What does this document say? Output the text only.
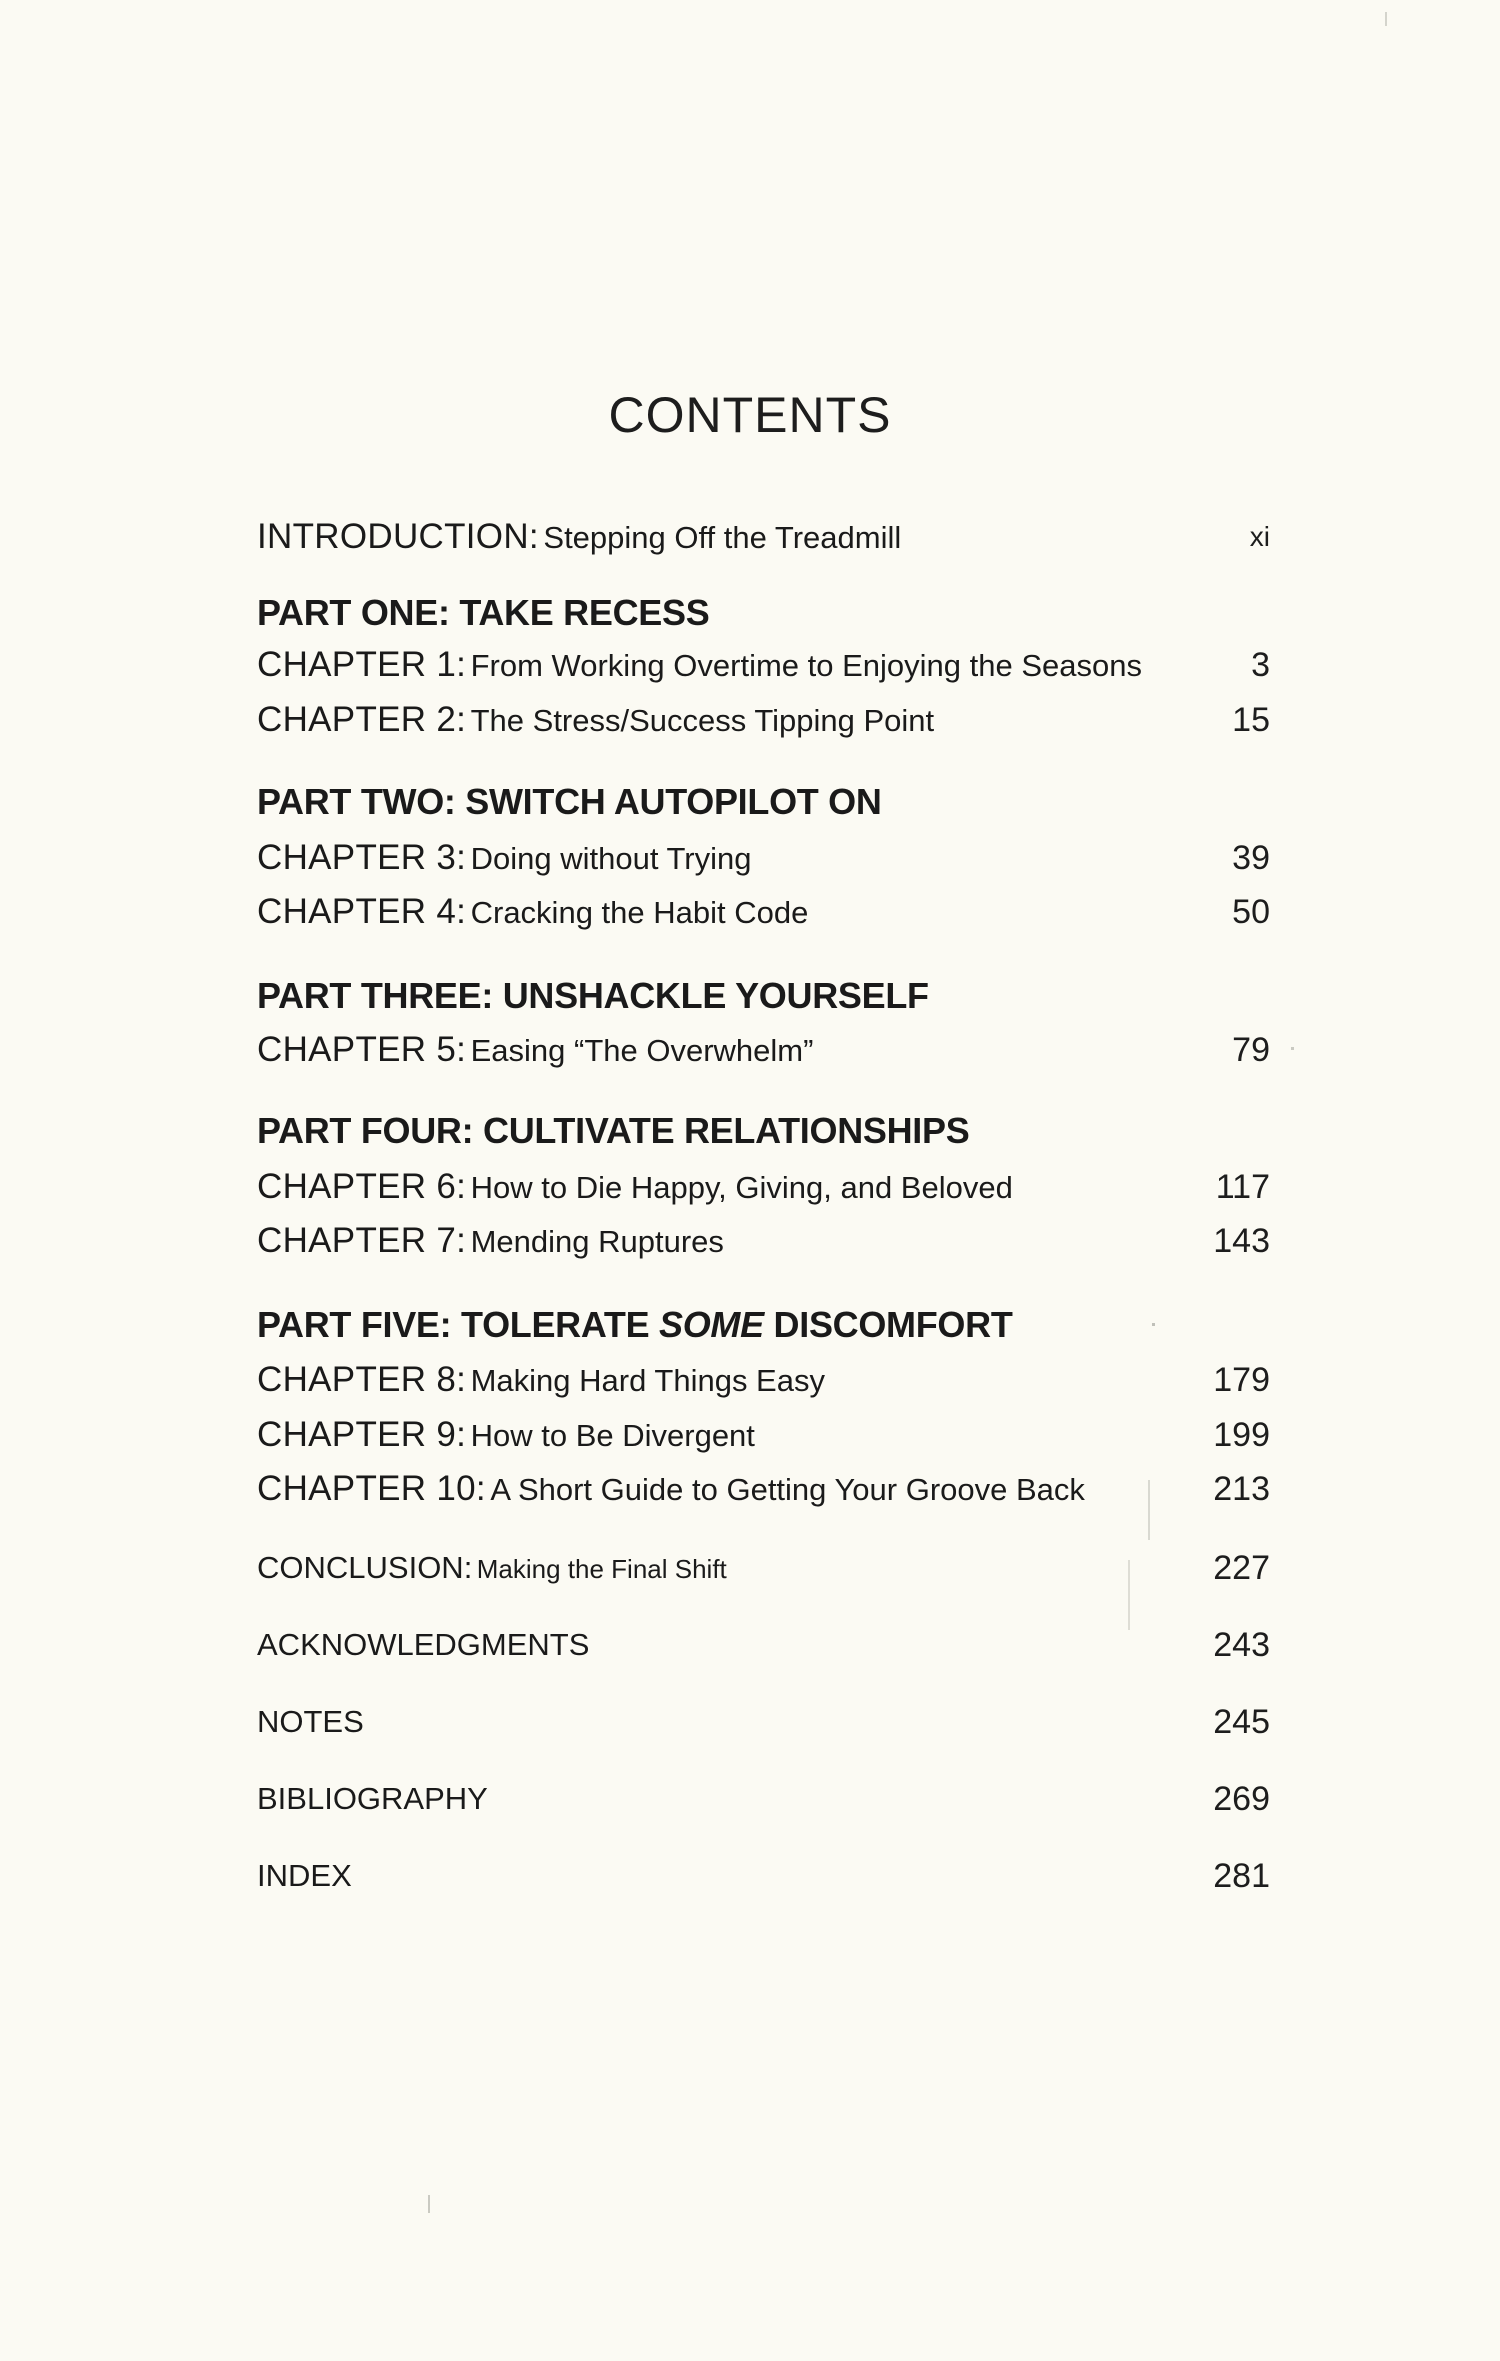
CONTENTS
INTRODUCTION: Stepping Off the Treadmill	xi
PART ONE: TAKE RECESS
CHAPTER 1: From Working Overtime to Enjoying the Seasons	3
CHAPTER 2: The Stress/Success Tipping Point	15
PART TWO: SWITCH AUTOPILOT ON
CHAPTER 3: Doing without Trying	39
CHAPTER 4: Cracking the Habit Code	50
PART THREE: UNSHACKLE YOURSELF
CHAPTER 5: Easing “The Overwhelm”	79
PART FOUR: CULTIVATE RELATIONSHIPS
CHAPTER 6: How to Die Happy, Giving, and Beloved	117
CHAPTER 7: Mending Ruptures	143
PART FIVE: TOLERATE SOME DISCOMFORT
CHAPTER 8: Making Hard Things Easy	179
CHAPTER 9: How to Be Divergent	199
CHAPTER 10: A Short Guide to Getting Your Groove Back	213
CONCLUSION: Making the Final Shift	227
ACKNOWLEDGMENTS	243
NOTES	245
BIBLIOGRAPHY	269
INDEX	281
